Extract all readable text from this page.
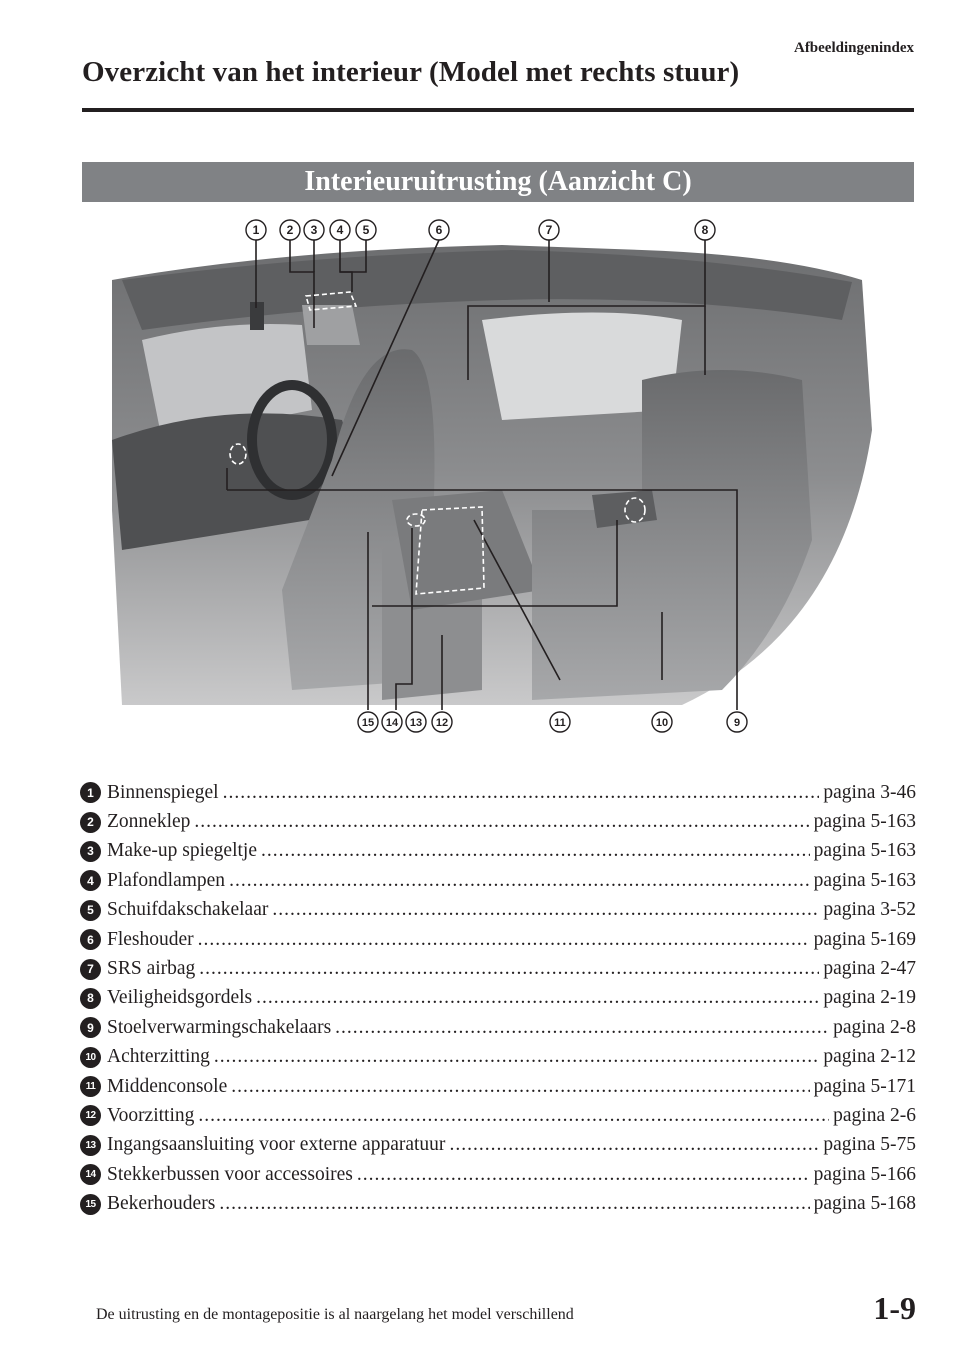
Afbeeldingenindex
Overzicht van het interieur (Model met rechts stuur)
Interieuruitrusting (Aanzicht C)
1 2 3 4 5	6	7	8
15 14 13 12	11	10	9
1 Binnenspiegel .....	pagina 3-46
2 Zonneklep .....	pagina 5-163
3 Make-up spiegeltje .....	pagina 5-163
4 Plafondlampen .....	pagina 5-163
5 Schuifdakschakelaar .....	pagina 3-52
6 Fleshouder .....	pagina 5-169
7 SRS airbag .....	pagina 2-47
8 Veiligheidsgordels .....	pagina 2-19
9 Stoelverwarmingschakelaars .....	pagina 2-8
10 Achterzitting .....	pagina 2-12
11 Middenconsole .....	pagina 5-171
12 Voorzitting .....	pagina 2-6
13 Ingangsaansluiting voor externe apparatuur .....	pagina 5-75
14 Stekkerbussen voor accessoires .....	pagina 5-166
15 Bekerhouders .....	pagina 5-168
De uitrusting en de montagepositie is al naargelang het model verschillend	1-9
